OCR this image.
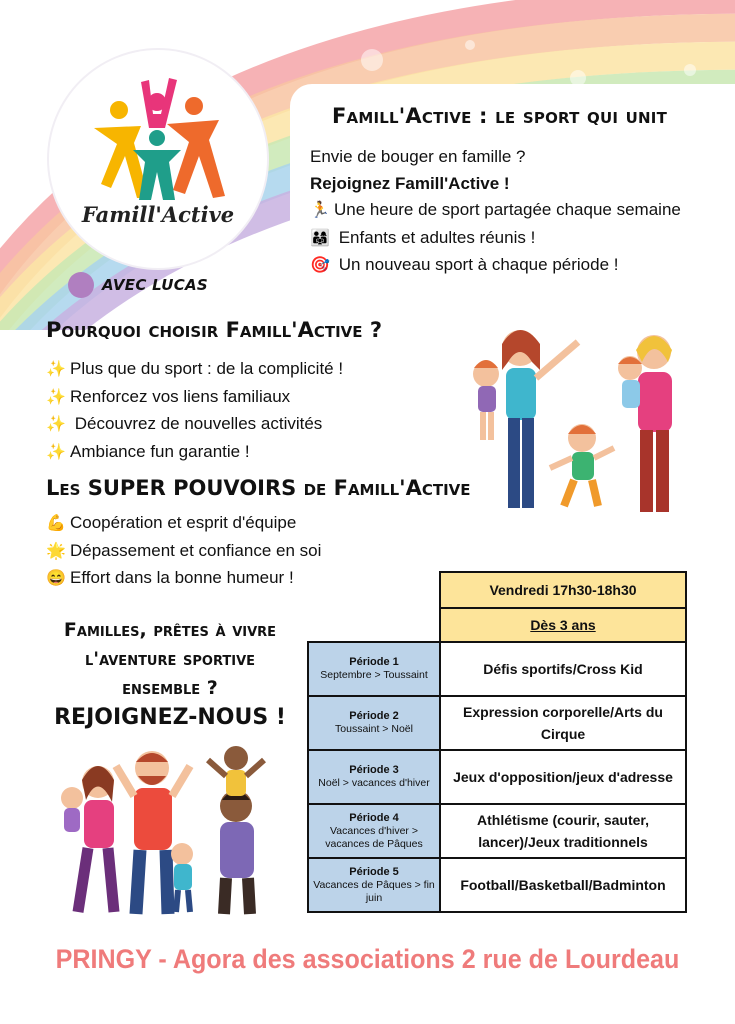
Famill'Active
AVEC LUCAS
Famill'Active : le sport qui unit
Envie de bouger en famille ?
Rejoignez Famill'Active !
🏃 Une heure de sport partagée chaque semaine
👨‍👩‍👧 Enfants et adultes réunis !
🎯 Un nouveau sport à chaque période !
Pourquoi choisir Famill'Active ?
✨ Plus que du sport : de la complicité !
✨ Renforcez vos liens familiaux
✨ Découvrez de nouvelles activités
✨ Ambiance fun garantie !
Les SUPER POUVOIRS de Famill'Active
💪 Coopération et esprit d'équipe
🌟 Dépassement et confiance en soi
😄 Effort dans la bonne humeur !
Familles, prêtes à vivre
l'aventure sportive
ensemble ?
REJOIGNEZ-NOUS !
	Vendredi 17h30-18h30
	Dès 3 ans
Période 1
Septembre > Toussaint	Défis sportifs/Cross Kid
Période 2
Toussaint > Noël	Expression corporelle/Arts du Cirque
Période 3
Noël > vacances d'hiver	Jeux d'opposition/jeux d'adresse
Période 4
Vacances d'hiver > vacances de Pâques	Athlétisme (courir, sauter, lancer)/Jeux traditionnels
Période 5
Vacances de Pâques > fin juin	Football/Basketball/Badminton
PRINGY - Agora des associations 2 rue de Lourdeau
